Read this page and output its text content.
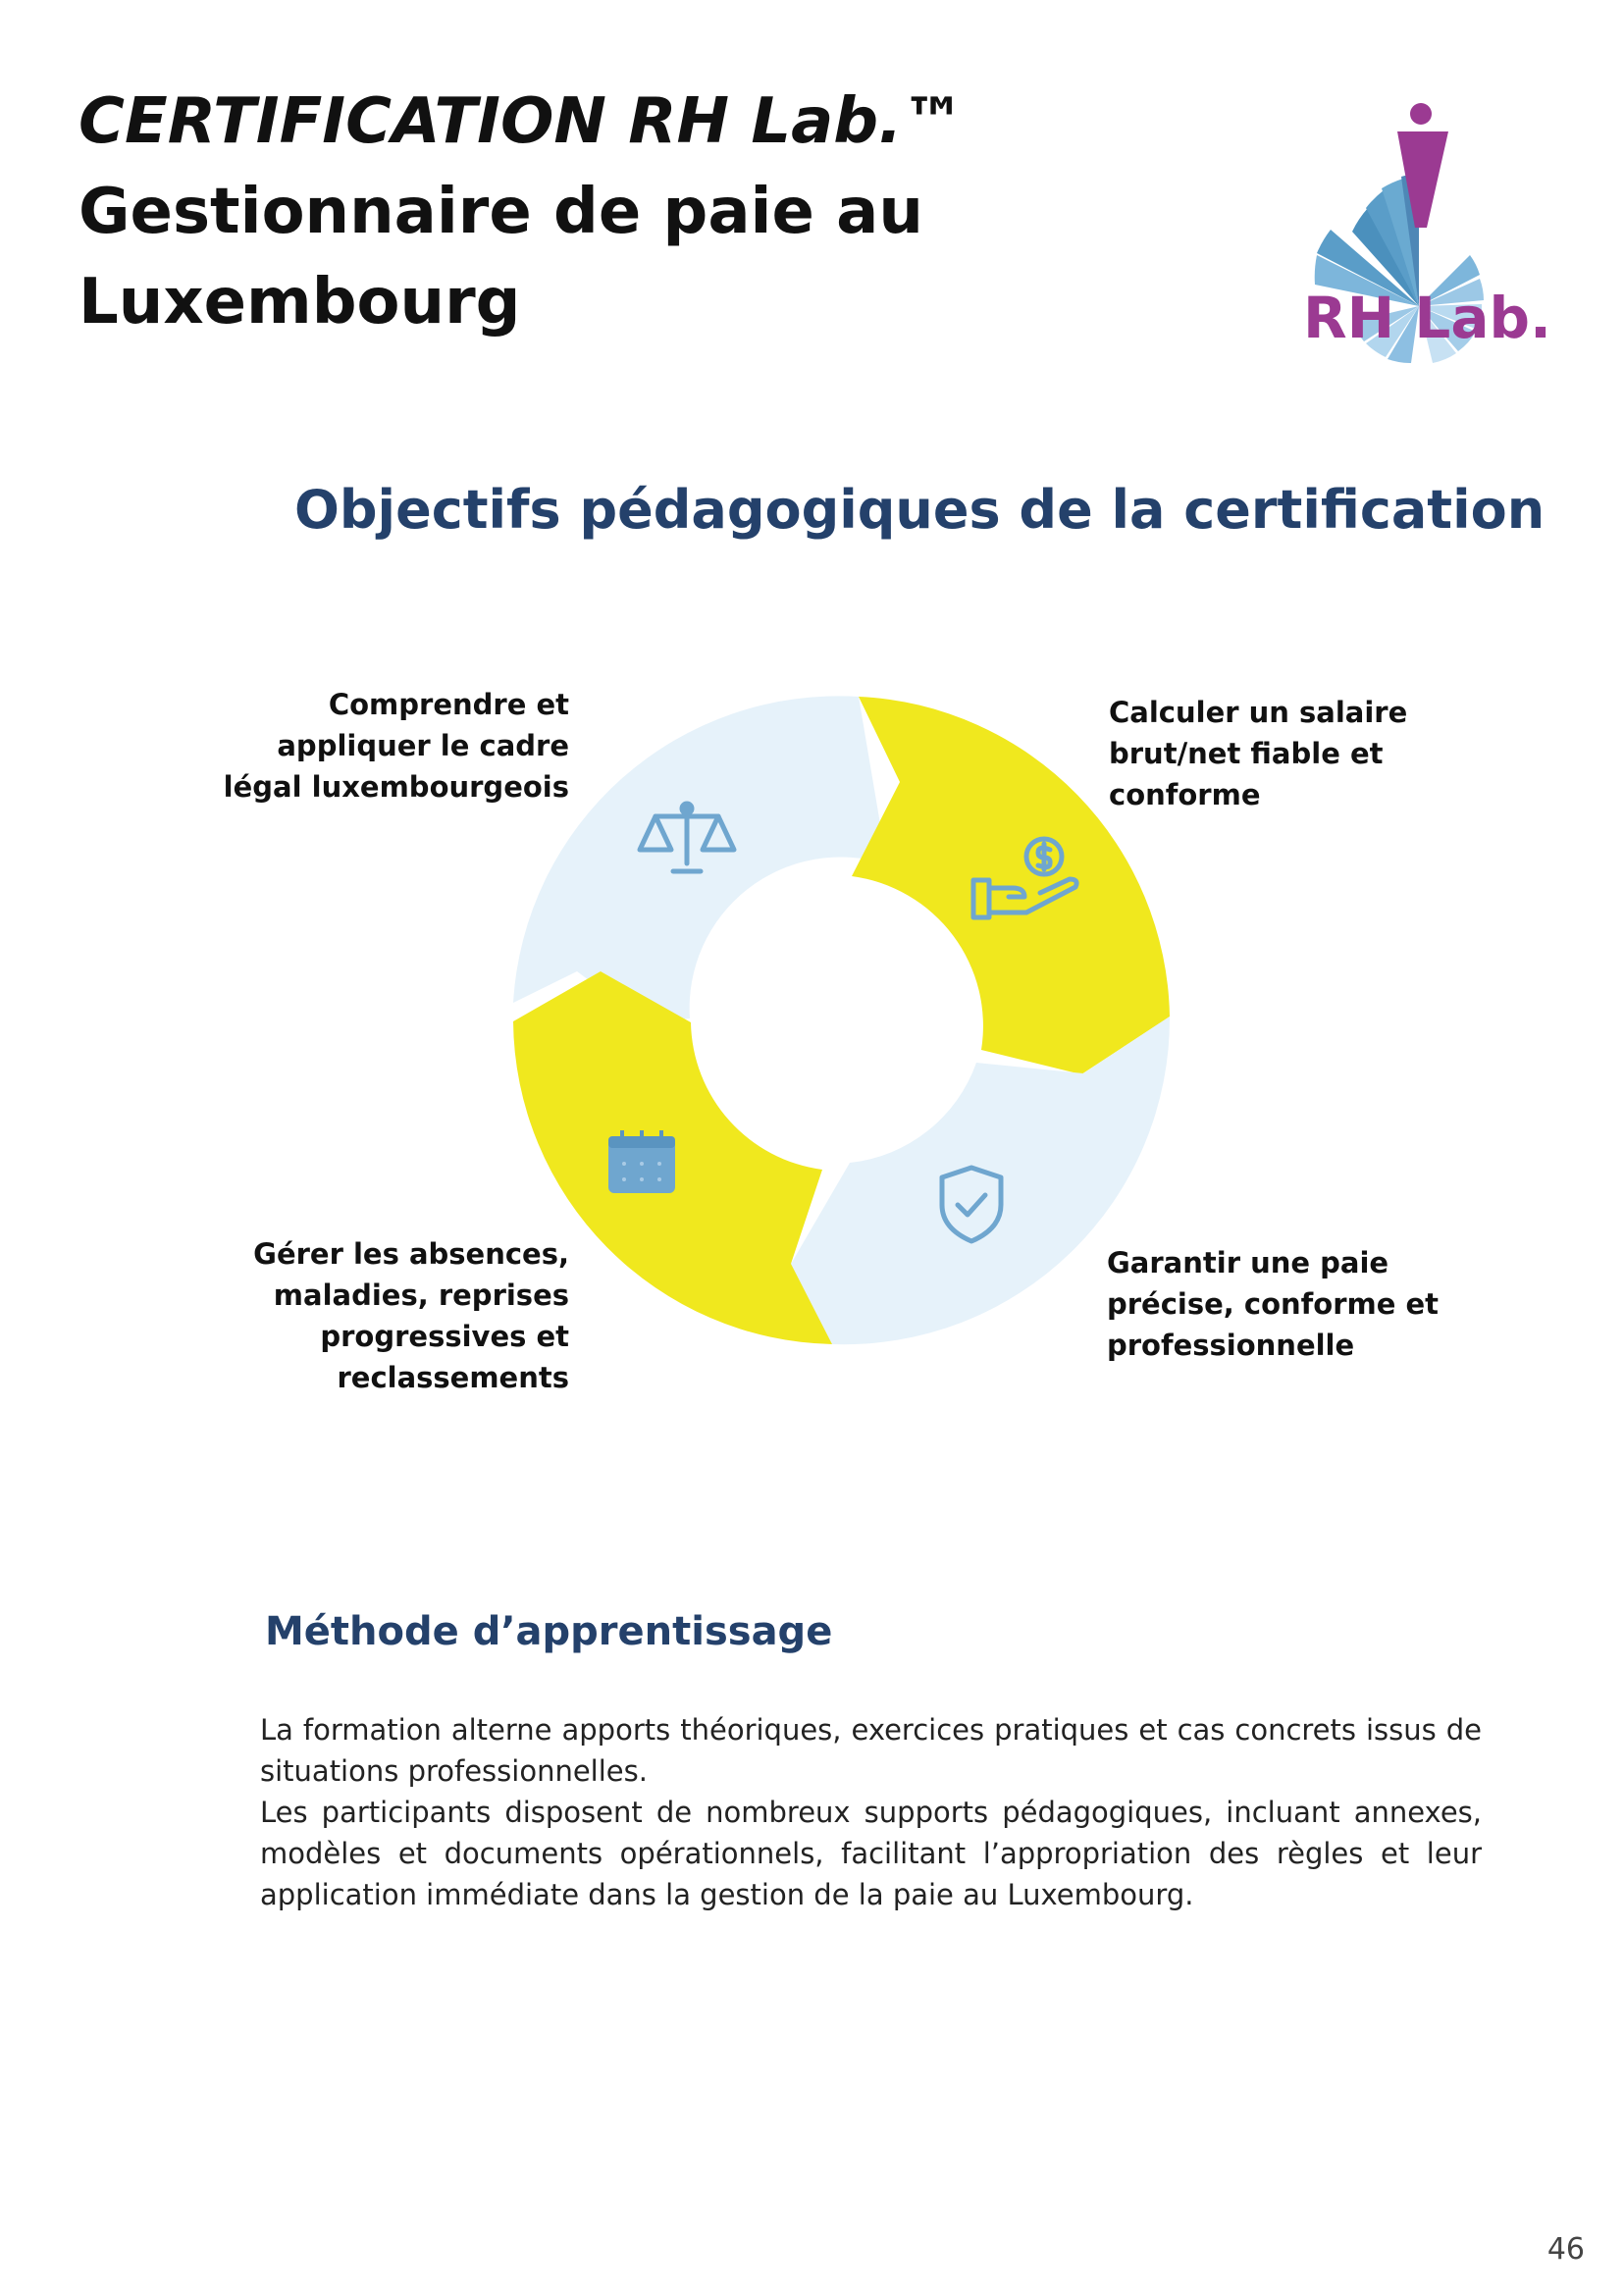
CERTIFICATION RH Lab.™
Gestionnaire de paie au
Luxembourg	RH Lab.
Objectifs pédagogiques de la certification
Comprendre et
appliquer le cadre
légal luxembourgeois
Calculer un salaire
brut/net fiable et
conforme
Garantir une paie
précise, conforme et
professionnelle
Gérer les absences,
maladies, reprises
progressives et
reclassements
Méthode d’apprentissage

La formation alterne apports théoriques, exercices pratiques et cas concrets issus de situations professionnelles.

Les participants disposent de nombreux supports pédagogiques, incluant annexes, modèles et documents opérationnels, facilitant l’appropriation des règles et leur application immédiate dans la gestion de la paie au Luxembourg.

46
